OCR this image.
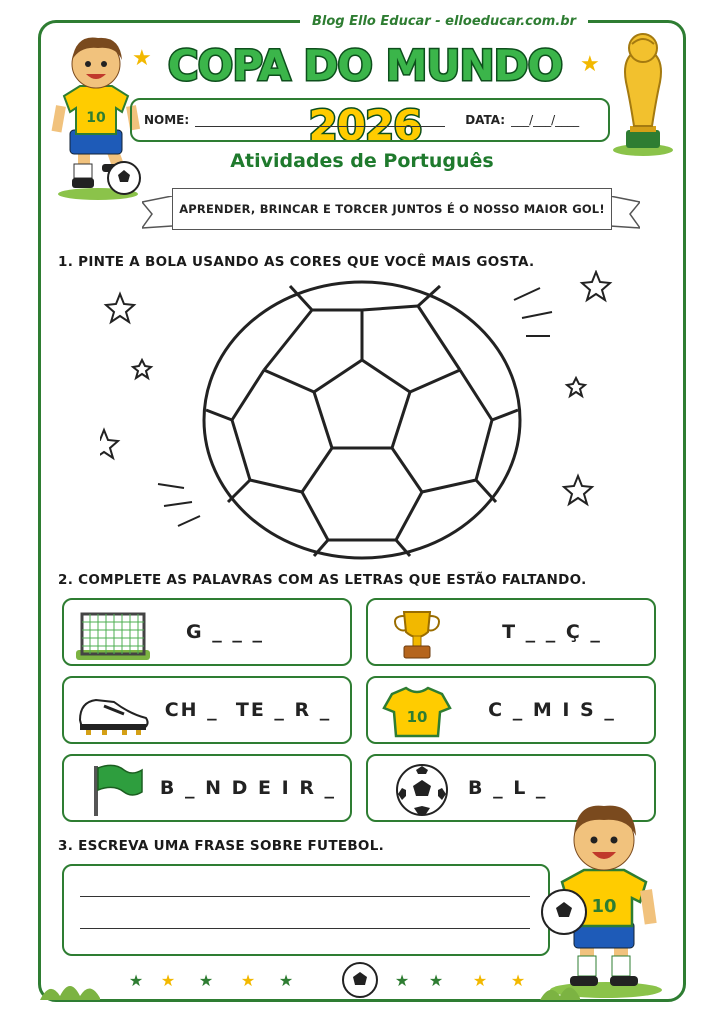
Blog Ello Educar - elloeducar.com.br
10
★	★
COPA DO MUNDO 2026
NOME:	DATA: ___/___/____
Atividades de Português
APRENDER, BRINCAR E TORCER JUNTOS É O NOSSO MAIOR GOL!
1. PINTE A BOLA USANDO AS CORES QUE VOCÊ MAIS GOSTA.
2. COMPLETE AS PALAVRAS COM AS LETRAS QUE ESTÃO FALTANDO.
G _ _ _	T _ _ Ç _
CH _  TE _ R _	10	C _ M I S _
B _ N D E I R _	B _ L _
3. ESCREVA UMA FRASE SOBRE FUTEBOL.
10
★ ★ ★ ★ ★	★ ★ ★ ★
